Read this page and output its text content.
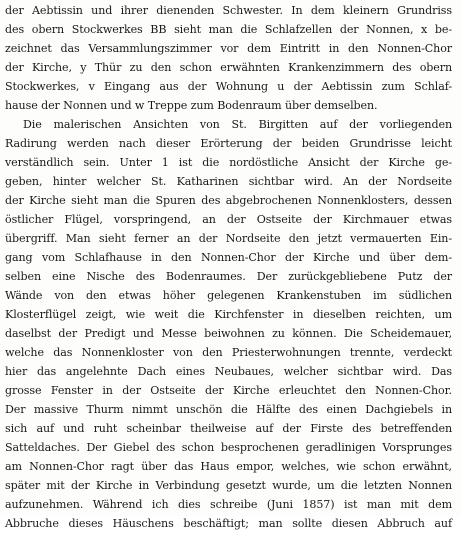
der Aebtissin und ihrer dienenden Schwester. In dem kleinern Grundriss
des obern Stockwerkes BB sieht man die Schlafzellen der Nonnen, x be-
zeichnet das Versammlungszimmer vor dem Eintritt in den Nonnen-Chor
der Kirche, y Thür zu den schon erwähnten Krankenzimmern des obern
Stockwerkes, v Eingang aus der Wohnung u der Aebtissin zum Schlaf-
hause der Nonnen und w Treppe zum Bodenraum über demselben.
Die malerischen Ansichten von St. Birgitten auf der vorliegenden
Radirung werden nach dieser Erörterung der beiden Grundrisse leicht
verständlich sein. Unter 1 ist die nordöstliche Ansicht der Kirche ge-
geben, hinter welcher St. Katharinen sichtbar wird. An der Nordseite
der Kirche sieht man die Spuren des abgebrochenen Nonnenklosters, dessen
östlicher Flügel, vorspringend, an der Ostseite der Kirchmauer etwas
übergriff. Man sieht ferner an der Nordseite den jetzt vermauerten Ein-
gang vom Schlafhause in den Nonnen-Chor der Kirche und über dem-
selben eine Nische des Bodenraumes. Der zurückgebliebene Putz der
Wände von den etwas höher gelegenen Krankenstuben im südlichen
Klosterflügel zeigt, wie weit die Kirchfenster in dieselben reichten, um
daselbst der Predigt und Messe beiwohnen zu können. Die Scheidemauer,
welche das Nonnenkloster von den Priesterwohnungen trennte, verdeckt
hier das angelehnte Dach eines Neubaues, welcher sichtbar wird. Das
grosse Fenster in der Ostseite der Kirche erleuchtet den Nonnen-Chor.
Der massive Thurm nimmt unschön die Hälfte des einen Dachgiebels in
sich auf und ruht scheinbar theilweise auf der Firste des betreffenden
Satteldaches. Der Giebel des schon besprochenen geradlinigen Vorsprunges
am Nonnen-Chor ragt über das Haus empor, welches, wie schon erwähnt,
später mit der Kirche in Verbindung gesetzt wurde, um die letzten Nonnen
aufzunehmen. Während ich dies schreibe (Juni 1857) ist man mit dem
Abbruche dieses Häuschens beschäftigt; man sollte diesen Abbruch auf
